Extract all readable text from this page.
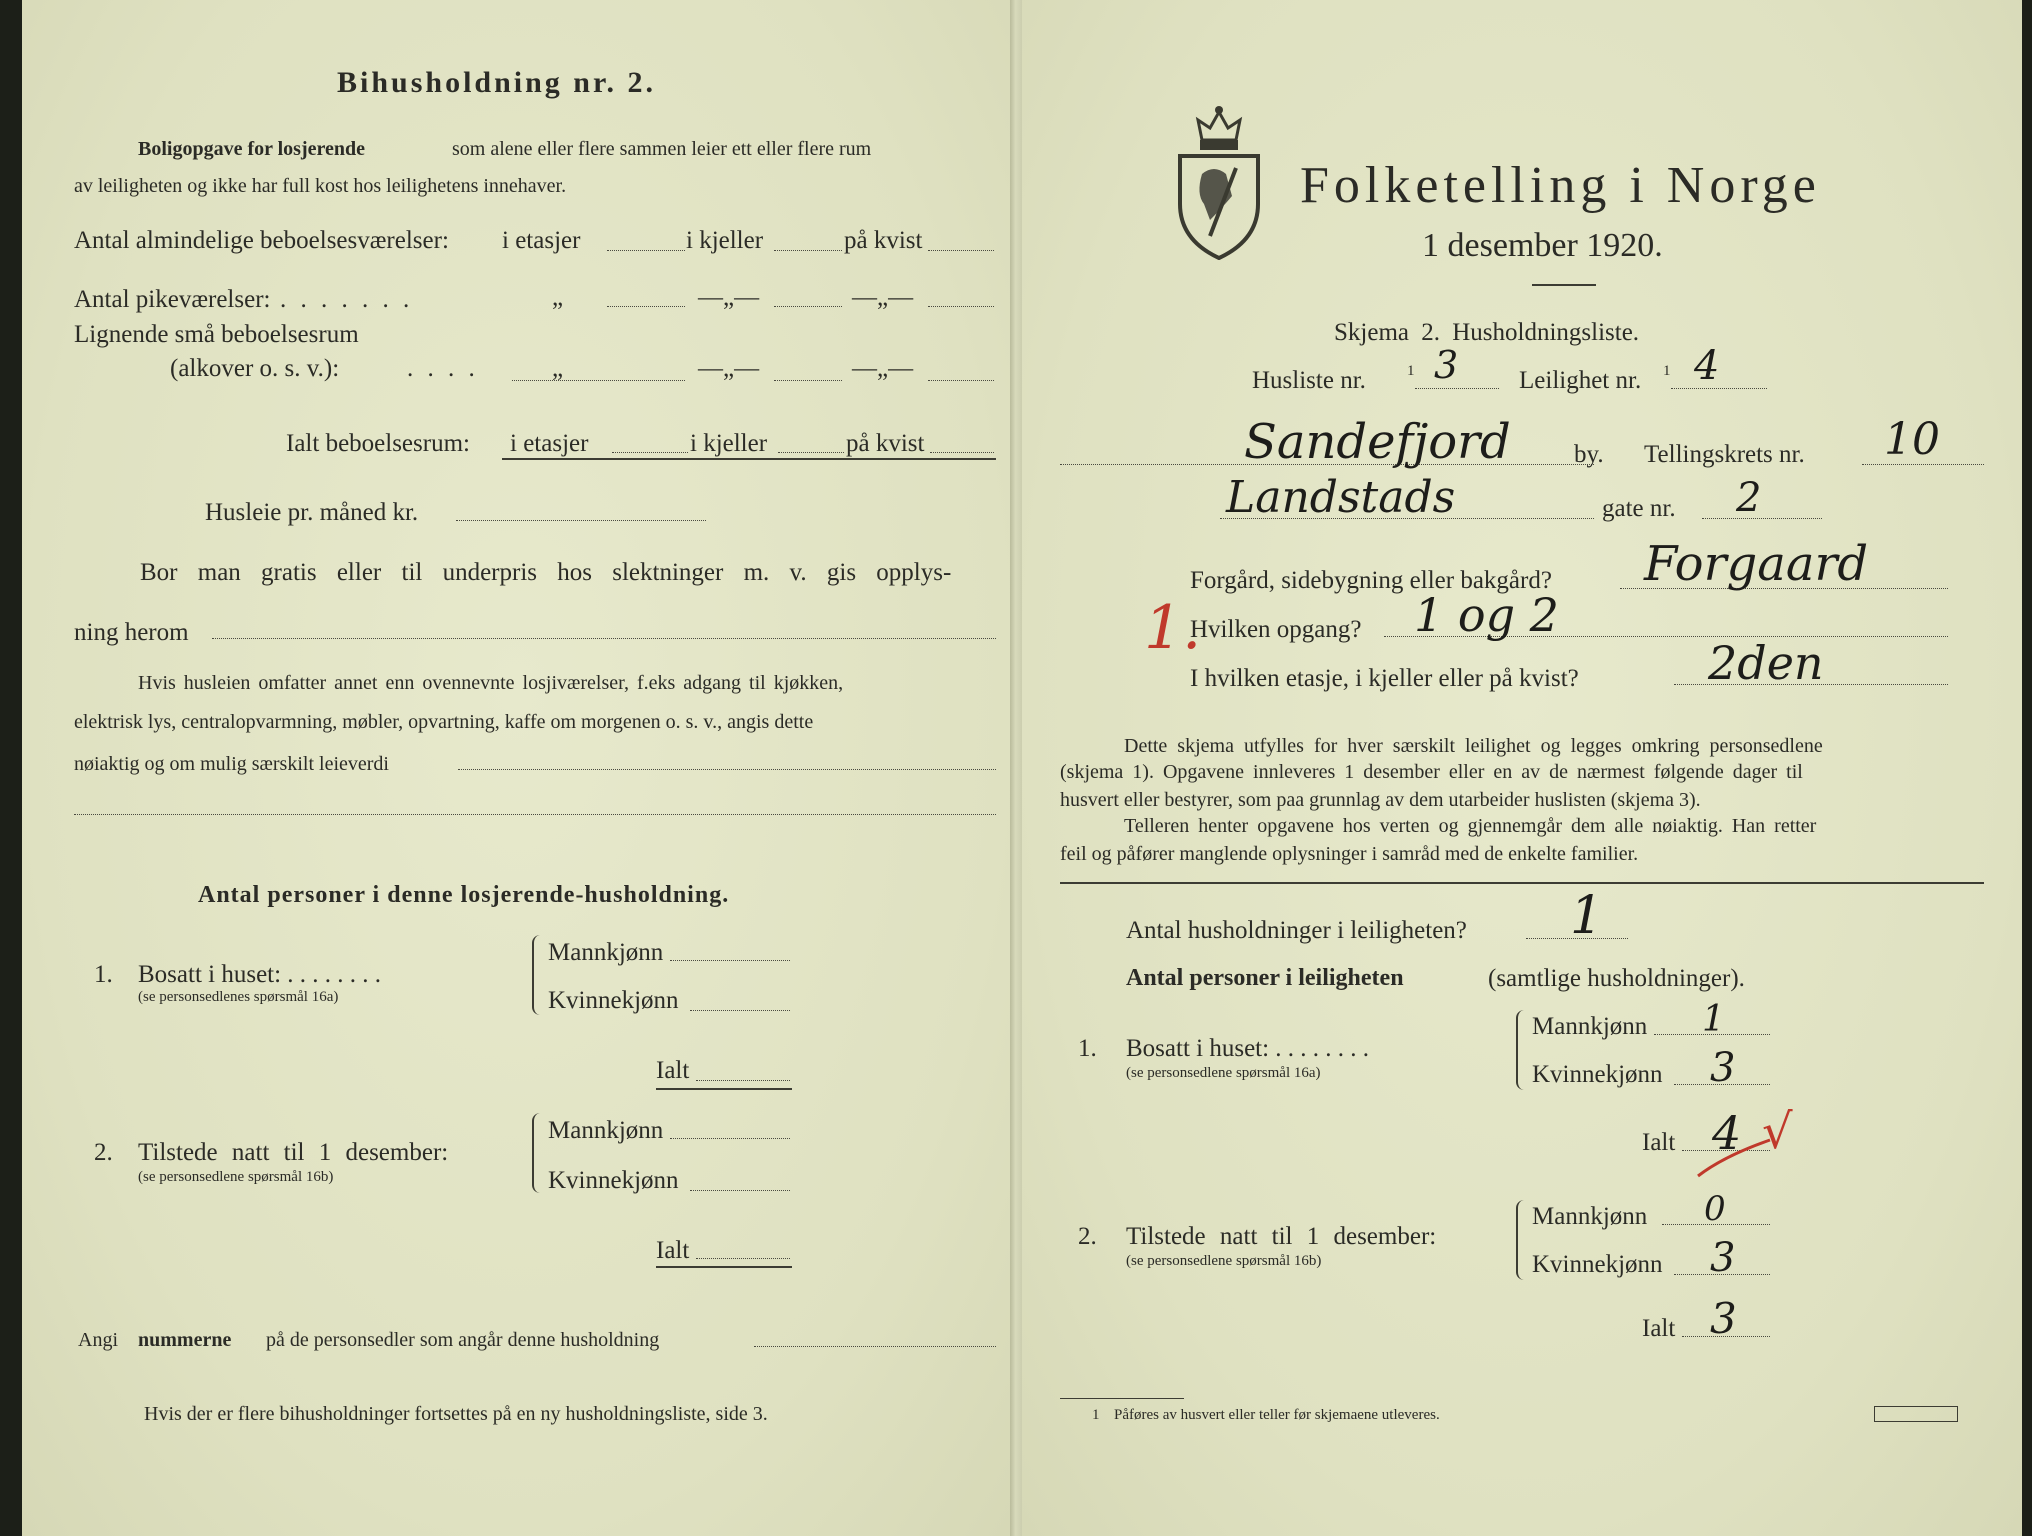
Bihusholdning nr. 2.
Boligopgave for losjerende	som alene eller flere sammen leier ett eller flere rum
av leiligheten og ikke har full kost hos leilighetens innehaver.
Antal almindelige beboelsesværelser: i etasjer	i kjeller	på kvist
Antal pikeværelser: . . . . . . .	„	—„—	—„—
Lignende små beboelsesrum
(alkover o. s. v.):	. . . .	„	—„—	—„—
Ialt beboelsesrum: i etasjer	i kjeller	på kvist
Husleie pr. måned kr.
Bor man gratis eller til underpris hos slektninger m. v. gis opplys-
ning herom
Hvis husleien omfatter annet enn ovennevnte losjiværelser, f.eks adgang til kjøkken,
elektrisk lys, centralopvarmning, møbler, opvartning, kaffe om morgenen o. s. v., angis dette
nøiaktig og om mulig særskilt leieverdi
Antal personer i denne losjerende-husholdning.
1. Bosatt i huset: . . . . . . . .
(se personsedlenes spørsmål 16a)
Mannkjønn
Kvinnekjønn
Ialt
2. Tilstede natt til 1 desember:
(se personsedlene spørsmål 16b)
Mannkjønn
Kvinnekjønn
Ialt
Angi nummerne på de personsedler som angår denne husholdning
Hvis der er flere bihusholdninger fortsettes på en ny husholdningsliste, side 3.
Folketelling i Norge
1 desember 1920.
Skjema 2. Husholdningsliste.
Husliste nr.	1 3 Leilighet nr. 1 4
Sandefjord	by. Tellingskrets nr. 10
Landstads	gate nr. 2
1.
Forgård, sidebygning eller bakgård? Forgaard
Hvilken opgang? 1 og 2
I hvilken etasje, i kjeller eller på kvist?	2den
Dette skjema utfylles for hver særskilt leilighet og legges omkring personsedlene
(skjema 1). Opgavene innleveres 1 desember eller en av de nærmest følgende dager til
husvert eller bestyrer, som paa grunnlag av dem utarbeider huslisten (skjema 3).
Telleren henter opgavene hos verten og gjennemgår dem alle nøiaktig. Han retter
feil og påfører manglende oplysninger i samråd med de enkelte familier.
Antal husholdninger i leiligheten? 1
Antal personer i leiligheten	(samtlige husholdninger).
1. Bosatt i huset: . . . . . . . .
(se personsedlene spørsmål 16a)
Mannkjønn 1
Kvinnekjønn 3
Ialt 4 √
2. Tilstede natt til 1 desember:
(se personsedlene spørsmål 16b)
Mannkjønn 0
Kvinnekjønn 3
Ialt 3
1 Påføres av husvert eller teller før skjemaene utleveres.
